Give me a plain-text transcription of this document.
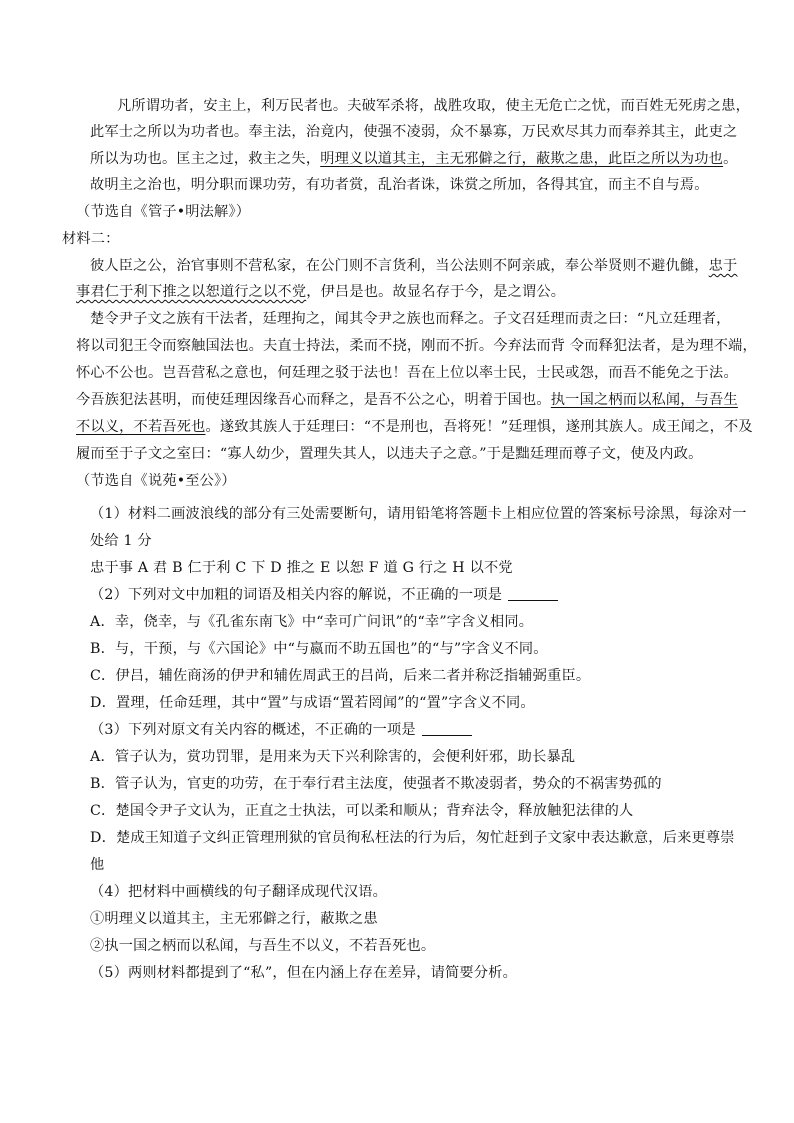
凡所谓功者，安主上，利万民者也。夫破军杀将，战胜攻取，使主无危亡之忧，而百姓无死虏之患，
此军士之所以为功者也。奉主法，治竟内，使强不凌弱，众不暴寡，万民欢尽其力而奉养其主，此吏之
所以为功也。匡主之过，救主之失，明理义以道其主，主无邪僻之行，蔽欺之患，此臣之所以为功也。
故明主之治也，明分职而课功劳，有功者赏，乱治者诛，诛赏之所加，各得其宜，而主不自与焉。
（节选自《管子•明法解》）
材料二：
彼人臣之公，治官事则不营私家，在公门则不言货利，当公法则不阿亲戚，奉公举贤则不避仇雠，忠于
事君仁于利下推之以恕道行之以不党，伊吕是也。故显名存于今，是之谓公。
楚令尹子文之族有干法者，廷理拘之，闻其令尹之族也而释之。子文召廷理而责之曰：“凡立廷理者，
将以司犯王令而察触国法也。夫直士持法，柔而不挠，刚而不折。今弃法而背 令而释犯法者，是为理不端，
怀心不公也。岂吾营私之意也，何廷理之驳于法也！吾在上位以率士民，士民或怨，而吾不能免之于法。
今吾族犯法甚明，而使廷理因缘吾心而释之，是吾不公之心，明着于国也。执一国之柄而以私闻，与吾生
不以义，不若吾死也。遂致其族人于廷理曰：“不是刑也，吾将死！”廷理惧，遂刑其族人。成王闻之，不及
履而至于子文之室曰：“寡人幼少，置理失其人，以违夫子之意。”于是黜廷理而尊子文，使及内政。
（节选自《说苑•至公》）
（1）材料二画波浪线的部分有三处需要断句，请用铅笔将答题卡上相应位置的答案标号涂黑，每涂对一
处给 1 分
忠于事 A 君 B 仁于利 C 下 D 推之 E 以恕 F 道 G 行之 H 以不党
（2）下列对文中加粗的词语及相关内容的解说，不正确的一项是
A．幸，侥幸，与《孔雀东南飞》中“幸可广问讯”的“幸”字含义相同。
B．与，干预，与《六国论》中“与嬴而不助五国也”的“与”字含义不同。
C．伊吕，辅佐商汤的伊尹和辅佐周武王的吕尚，后来二者并称泛指辅弼重臣。
D．置理，任命廷理，其中“置”与成语“置若罔闻”的“置”字含义不同。
（3）下列对原文有关内容的概述，不正确的一项是
A．管子认为，赏功罚罪，是用来为天下兴利除害的，会便利奸邪，助长暴乱
B．管子认为，官吏的功劳，在于奉行君主法度，使强者不欺凌弱者，势众的不祸害势孤的
C．楚国令尹子文认为，正直之士执法，可以柔和顺从；背弃法令，释放触犯法律的人
D．楚成王知道子文纠正管理刑狱的官员徇私枉法的行为后，匆忙赶到子文家中表达歉意，后来更尊崇
他
（4）把材料中画横线的句子翻译成现代汉语。
①明理义以道其主，主无邪僻之行，蔽欺之患
②执一国之柄而以私闻，与吾生不以义，不若吾死也。
（5）两则材料都提到了“私”，但在内涵上存在差异，请简要分析。
